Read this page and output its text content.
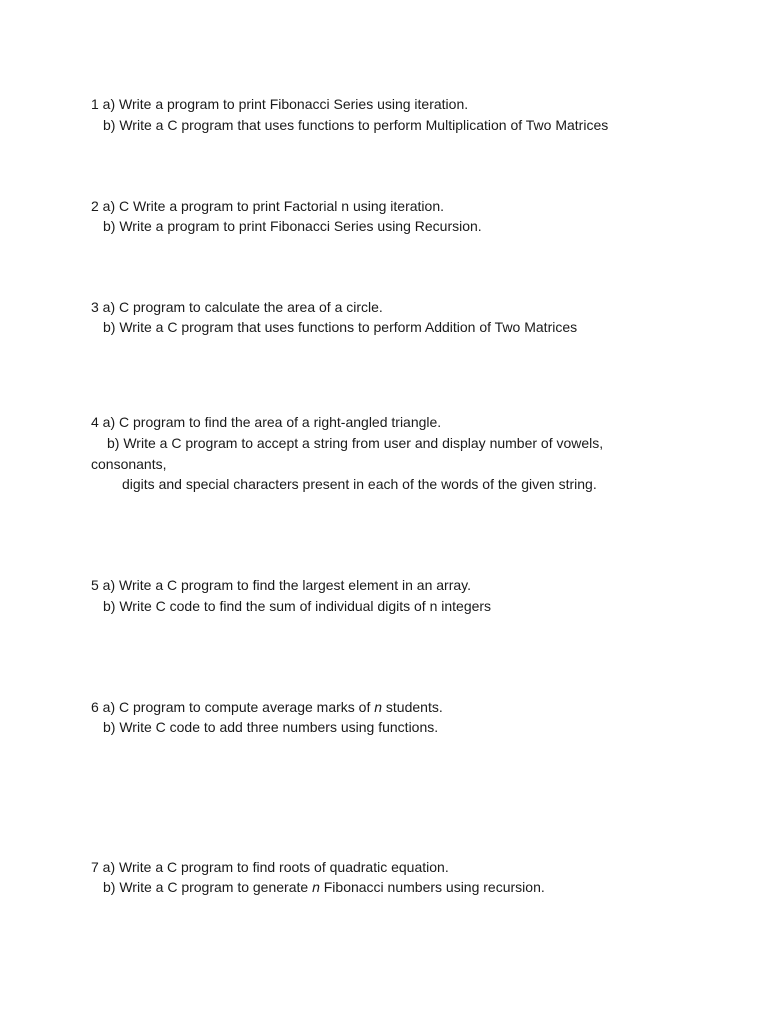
1 a) Write a program to print Fibonacci Series using iteration.
b) Write a C program that uses functions to perform Multiplication of Two Matrices
2 a) C Write a program to print Factorial n using iteration.
b) Write a program to print Fibonacci Series using Recursion.
3 a) C program to calculate the area of a circle.
b) Write a C program that uses functions to perform Addition of Two Matrices
4 a) C program to find the area of a right-angled triangle.
b) Write a C program to accept a string from user and display number of vowels,
consonants,
digits and special characters present in each of the words of the given string.
5 a) Write a C program to find the largest element in an array.
b) Write C code to find the sum of individual digits of n integers
6 a) C program to compute average marks of n students.
b) Write C code to add three numbers using functions.
7 a) Write a C program to find roots of quadratic equation.
b) Write a C program to generate n Fibonacci numbers using recursion.
